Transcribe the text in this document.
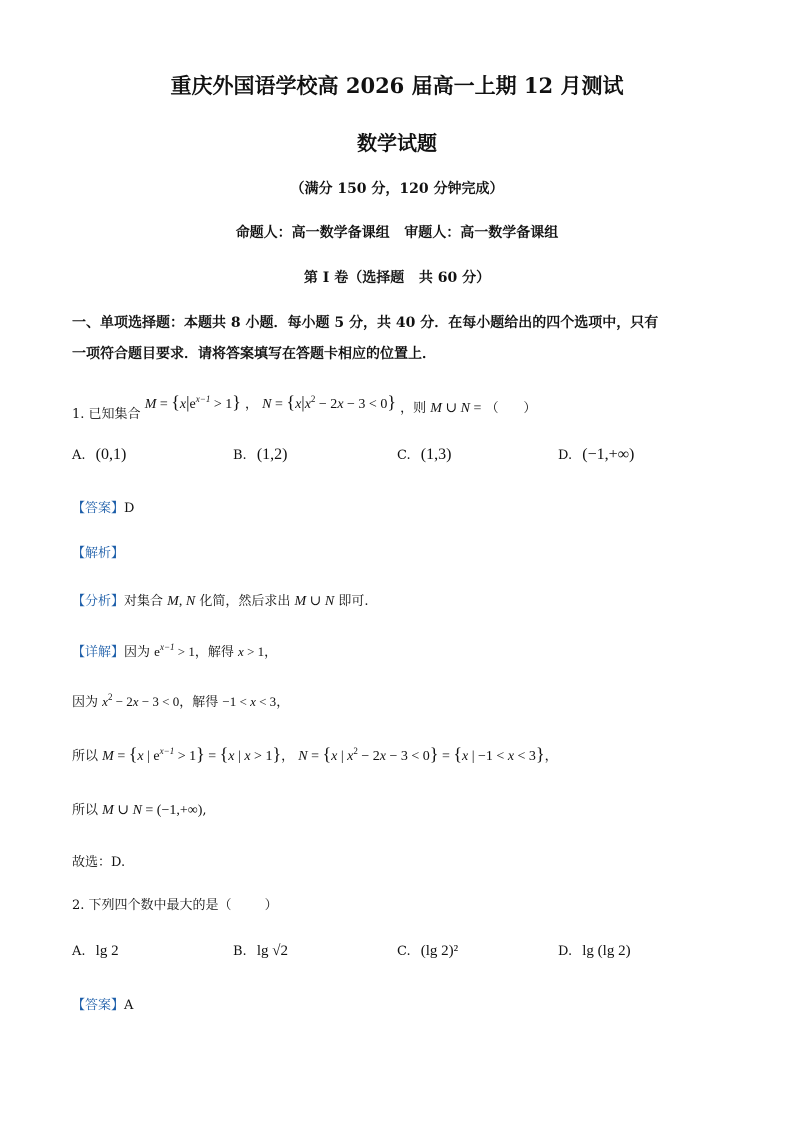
重庆外国语学校高 2026 届高一上期 12 月测试
数学试题
（满分 150 分，120 分钟完成）
命题人：高一数学备课组   审题人：高一数学备课组
第 I 卷（选择题   共 60 分）
一、单项选择题：本题共 8 小题．每小题 5 分，共 40 分．在每小题给出的四个选项中，只有
一项符合题目要求．请将答案填写在答题卡相应的位置上．
1. 已知集合 $M = \{x|e^{x-1} > 1\}$ ， $N = \{x|x^2 - 2x - 3 < 0\}$ ，则 M ∪ N = （      ）
A. (0,1)	B. (1,2)	C. (1,3)	D. (−1,+∞)
【答案】D
【解析】
【分析】对集合 M, N 化简，然后求出 M ∪ N 即可.
【详解】因为 $e^{x-1} > 1$，解得 x > 1，
因为 $x^2 - 2x - 3 < 0$，解得 −1 < x < 3，
所以 M = {x | $e^{x-1} > 1\} = \{x$ | x > 1}， N = {x | $x^2 - 2x - 3 < 0\} = \{x$ | −1 < x < 3}，
所以 M ∪ N = (−1,+∞),
故选：D.
2. 下列四个数中最大的是（        ）
A. lg 2	B. lg √2	C. (lg 2)²	D. lg (lg 2)
【答案】A
